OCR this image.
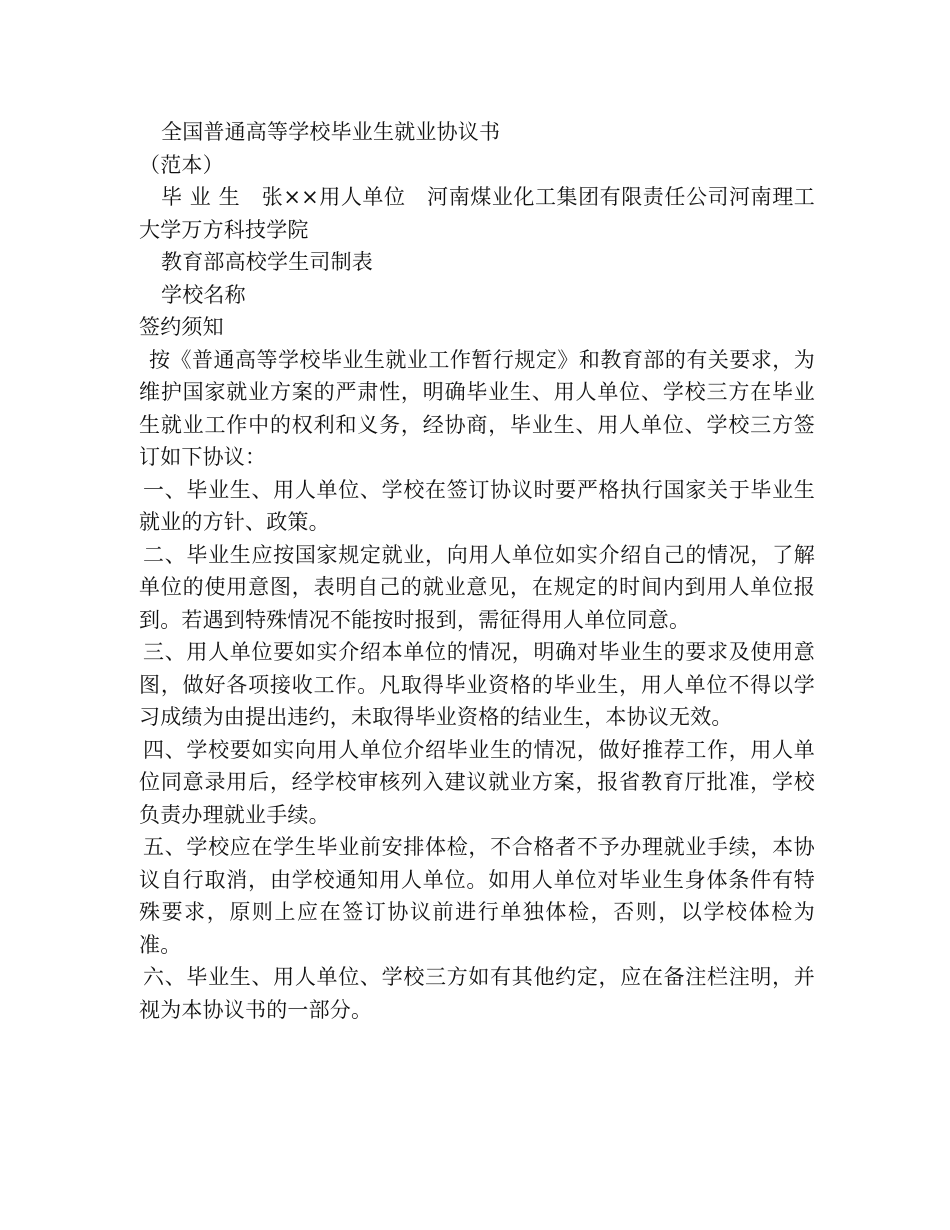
全国普通高等学校毕业生就业协议书

（范本）

毕 业 生　张××用人单位　河南煤业化工集团有限责任公司河南理工大学万方科技学院

教育部高校学生司制表

学校名称

签约须知

按《普通高等学校毕业生就业工作暂行规定》和教育部的有关要求，为维护国家就业方案的严肃性，明确毕业生、用人单位、学校三方在毕业生就业工作中的权利和义务，经协商，毕业生、用人单位、学校三方签订如下协议：

一、毕业生、用人单位、学校在签订协议时要严格执行国家关于毕业生就业的方针、政策。

二、毕业生应按国家规定就业，向用人单位如实介绍自己的情况，了解单位的使用意图，表明自己的就业意见，在规定的时间内到用人单位报到。若遇到特殊情况不能按时报到，需征得用人单位同意。

三、用人单位要如实介绍本单位的情况，明确对毕业生的要求及使用意图，做好各项接收工作。凡取得毕业资格的毕业生，用人单位不得以学习成绩为由提出违约，未取得毕业资格的结业生，本协议无效。

四、学校要如实向用人单位介绍毕业生的情况，做好推荐工作，用人单位同意录用后，经学校审核列入建议就业方案，报省教育厅批准，学校负责办理就业手续。

五、学校应在学生毕业前安排体检，不合格者不予办理就业手续，本协议自行取消，由学校通知用人单位。如用人单位对毕业生身体条件有特殊要求，原则上应在签订协议前进行单独体检，否则，以学校体检为准。

六、毕业生、用人单位、学校三方如有其他约定，应在备注栏注明，并视为本协议书的一部分。
